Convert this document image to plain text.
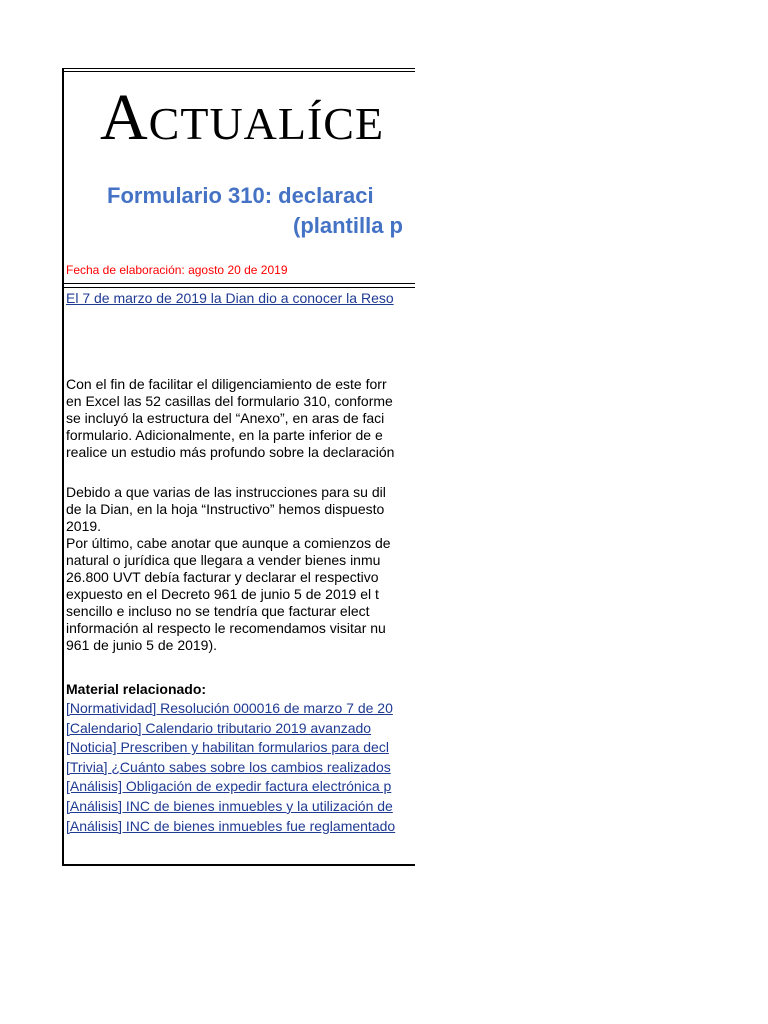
Actualíce
Formulario 310: declaraci
(plantilla p
Fecha de elaboración: agosto 20 de 2019
El 7 de marzo de 2019 la Dian dio a conocer la Reso
Con el fin de facilitar el diligenciamiento de este forr
en Excel las 52 casillas del formulario 310, conforme
se incluyó la estructura del “Anexo”, en aras de faci
formulario. Adicionalmente, en la parte inferior de e
realice un estudio más profundo sobre la declaración
Debido a que varias de las instrucciones para su dil
de la Dian, en la hoja “Instructivo” hemos dispuesto
2019.
Por último, cabe anotar que aunque a comienzos de
natural o jurídica que llegara a vender bienes inmu
26.800 UVT debía facturar y declarar el respectivo
expuesto en el Decreto 961 de junio 5 de 2019 el t
sencillo e incluso no se tendría que facturar elect
información al respecto le recomendamos visitar nu
961 de junio 5 de 2019).
Material relacionado:
[Normatividad] Resolución 000016 de marzo 7 de 20
[Calendario] Calendario tributario 2019 avanzado
[Noticia] Prescriben y habilitan formularios para decl
[Trivia] ¿Cuánto sabes sobre los cambios realizados
[Análisis] Obligación de expedir factura electrónica p
[Análisis] INC de bienes inmuebles y la utilización de
[Análisis] INC de bienes inmuebles fue reglamentado
